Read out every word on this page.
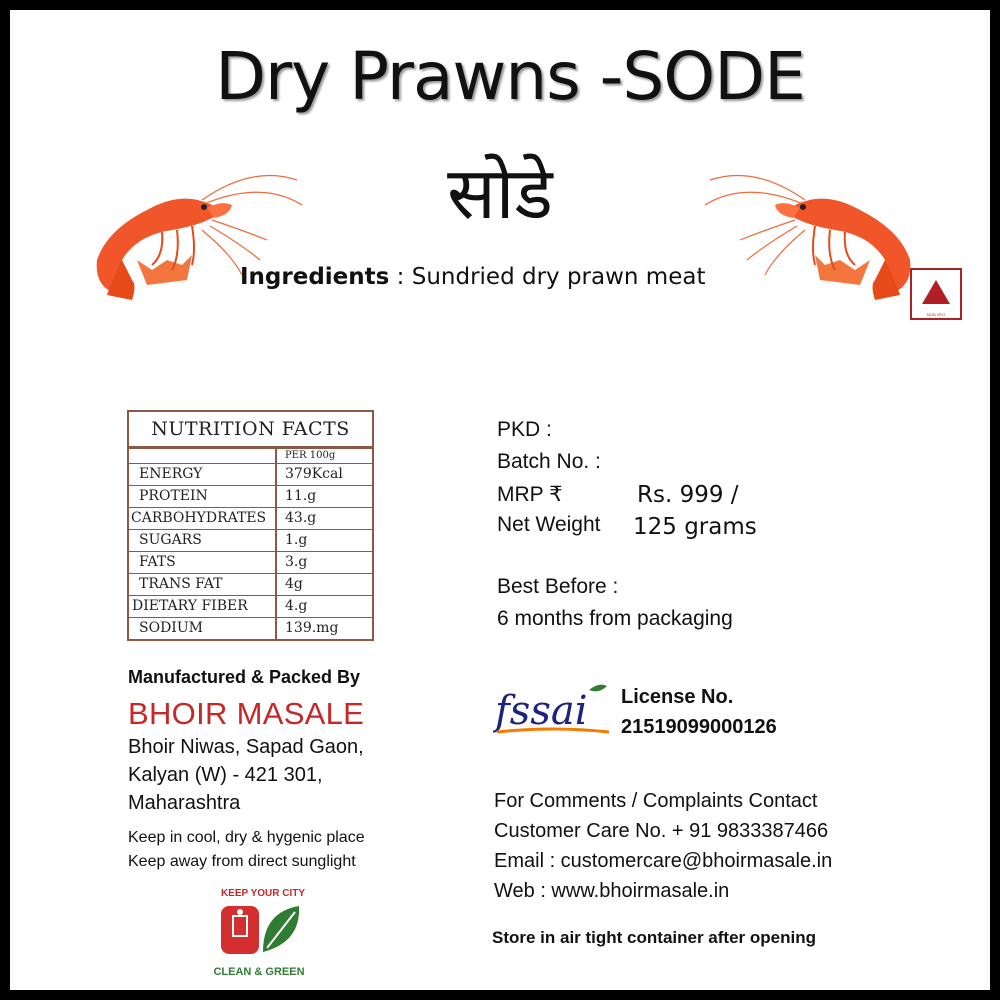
Dry Prawns -SODE
सोडे
Ingredients : Sundried dry prawn meat
NON VEG
NUTRITION FACTS
PER 100g
ENERGY	379Kcal
PROTEIN	11.g
CARBOHYDRATES	43.g
SUGARS	1.g
FATS	3.g
TRANS FAT	4g
DIETARY FIBER	4.g
SODIUM	139.mg
PKD :
Batch No. :
MRP ₹	Rs. 999 /
Net Weight 125 grams
Best Before :
6 months from packaging
Manufactured & Packed By
BHOIR MASALE
Bhoir Niwas, Sapad Gaon,
Kalyan (W) - 421 301,
Maharashtra
Keep in cool, dry & hygenic place
Keep away from direct sunglight
KEEP YOUR CITY
CLEAN & GREEN
fssai License No.
21519099000126
For Comments / Complaints Contact
Customer Care No. + 91 9833387466
Email : customercare@bhoirmasale.in
Web : www.bhoirmasale.in
Store in air tight container after opening
